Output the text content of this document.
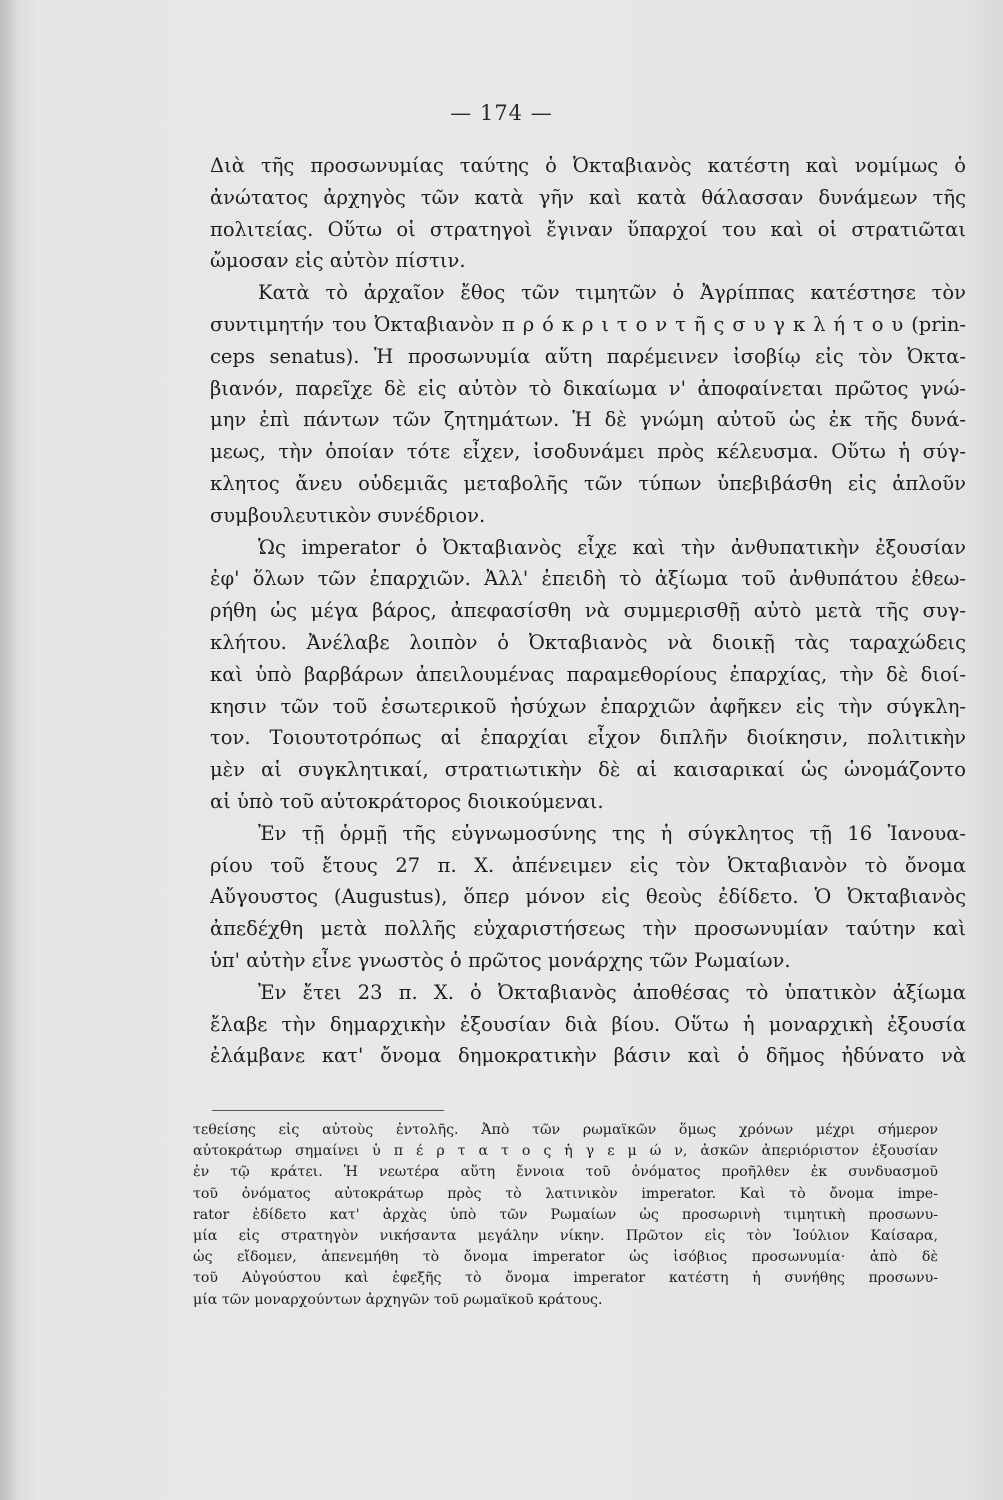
— 174 —
Διὰ τῆς προσωνυμίας ταύτης ὁ Ὀκταβιανὸς κατέστη καὶ νομίμως ὁ
ἀνώτατος ἀρχηγὸς τῶν κατὰ γῆν καὶ κατὰ θάλασσαν δυνάμεων τῆς
πολιτείας. Οὕτω οἱ στρατηγοὶ ἔγιναν ὕπαρχοί του καὶ οἱ στρατιῶται
ὤμοσαν εἰς αὐτὸν πίστιν.
Κατὰ τὸ ἀρχαῖον ἔθος τῶν τιμητῶν ὁ Ἀγρίππας κατέστησε τὸν
συντιμητήν του Ὀκταβιανὸν π ρ ό κ ρ ι τ ο ν τ ῆ ς σ υ γ κ λ ή τ ο υ (prin-
ceps senatus). Ἡ προσωνυμία αὕτη παρέμεινεν ἰσοβίῳ εἰς τὸν Ὀκτα-
βιανόν, παρεῖχε δὲ εἰς αὐτὸν τὸ δικαίωμα ν' ἀποφαίνεται πρῶτος γνώ-
μην ἐπὶ πάντων τῶν ζητημάτων. Ἡ δὲ γνώμη αὐτοῦ ὡς ἐκ τῆς δυνά-
μεως, τὴν ὁποίαν τότε εἶχεν, ἰσοδυνάμει πρὸς κέλευσμα. Οὕτω ἡ σύγ-
κλητος ἄνευ οὐδεμιᾶς μεταβολῆς τῶν τύπων ὑπεβιβάσθη εἰς ἁπλοῦν
συμβουλευτικὸν συνέδριον.
Ὡς imperator ὁ Ὀκταβιανὸς εἶχε καὶ τὴν ἀνθυπατικὴν ἐξουσίαν
ἐφ' ὅλων τῶν ἐπαρχιῶν. Ἀλλ' ἐπειδὴ τὸ ἀξίωμα τοῦ ἀνθυπάτου ἐθεω-
ρήθη ὡς μέγα βάρος, ἀπεφασίσθη νὰ συμμερισθῇ αὐτὸ μετὰ τῆς συγ-
κλήτου. Ἀνέλαβε λοιπὸν ὁ Ὀκταβιανὸς νὰ διοικῇ τὰς ταραχώδεις
καὶ ὑπὸ βαρβάρων ἀπειλουμένας παραμεθορίους ἐπαρχίας, τὴν δὲ διοί-
κησιν τῶν τοῦ ἐσωτερικοῦ ἡσύχων ἐπαρχιῶν ἀφῆκεν εἰς τὴν σύγκλη-
τον. Τοιουτοτρόπως αἱ ἐπαρχίαι εἶχον διπλῆν διοίκησιν, πολιτικὴν
μὲν αἱ συγκλητικαί, στρατιωτικὴν δὲ αἱ καισαρικαί ὡς ὠνομάζοντο
αἱ ὑπὸ τοῦ αὐτοκράτορος διοικούμεναι.
Ἐν τῇ ὁρμῇ τῆς εὐγνωμοσύνης της ἡ σύγκλητος τῇ 16 Ἰανουα-
ρίου τοῦ ἔτους 27 π. Χ. ἀπένειμεν εἰς τὸν Ὀκταβιανὸν τὸ ὄνομα
Αὔγουστος (Augustus), ὅπερ μόνον εἰς θεοὺς ἐδίδετο. Ὁ Ὀκταβιανὸς
ἀπεδέχθη μετὰ πολλῆς εὐχαριστήσεως τὴν προσωνυμίαν ταύτην καὶ
ὑπ' αὐτὴν εἶνε γνωστὸς ὁ πρῶτος μονάρχης τῶν Ρωμαίων.
Ἐν ἔτει 23 π. Χ. ὁ Ὀκταβιανὸς ἀποθέσας τὸ ὑπατικὸν ἀξίωμα
ἔλαβε τὴν δημαρχικὴν ἐξουσίαν διὰ βίου. Οὕτω ἡ μοναρχικὴ ἐξουσία
ἐλάμβανε κατ' ὄνομα δημοκρατικὴν βάσιν καὶ ὁ δῆμος ἠδύνατο νὰ
τεθείσης εἰς αὐτοὺς ἐντολῆς. Ἀπὸ τῶν ρωμαϊκῶν ὅμως χρόνων μέχρι σήμερον
αὐτοκράτωρ σημαίνει ὑ π έ ρ τ α τ ο ς ἡ γ ε μ ώ ν, ἀσκῶν ἀπεριόριστον ἐξουσίαν
ἐν τῷ κράτει. Ἡ νεωτέρα αὕτη ἔννοια τοῦ ὀνόματος προῆλθεν ἐκ συνδυασμοῦ
τοῦ ὀνόματος αὐτοκράτωρ πρὸς τὸ λατινικὸν imperator. Καὶ τὸ ὄνομα impe-
rator ἐδίδετο κατ' ἀρχὰς ὑπὸ τῶν Ρωμαίων ὡς προσωρινὴ τιμητικὴ προσωνυ-
μία εἰς στρατηγὸν νικήσαντα μεγάλην νίκην. Πρῶτον εἰς τὸν Ἰούλιον Καίσαρα,
ὡς εἴδομεν, ἀπενεμήθη τὸ ὄνομα imperator ὡς ἰσόβιος προσωνυμία· ἀπὸ δὲ
τοῦ Αὐγούστου καὶ ἑφεξῆς τὸ ὄνομα imperator κατέστη ἡ συνήθης προσωνυ-
μία τῶν μοναρχούντων ἀρχηγῶν τοῦ ρωμαϊκοῦ κράτους.
